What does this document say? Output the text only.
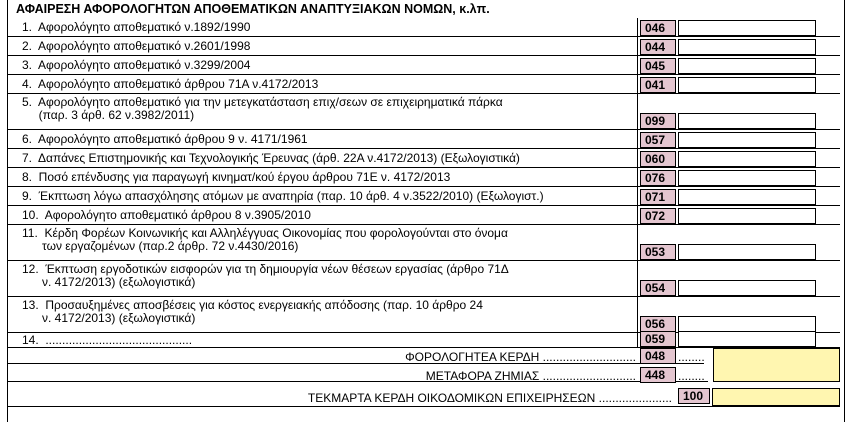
ΑΦΑΙΡΕΣΗ ΑΦΟΡΟΛΟΓΗΤΩΝ ΑΠΟΘΕΜΑΤΙΚΩΝ ΑΝΑΠΤΥΞΙΑΚΩΝ ΝΟΜΩΝ, κ.λπ.
1.  Αφορολόγητο αποθεματικό ν.1892/1990	046
2.  Αφορολόγητο αποθεματικό ν.2601/1998	044
3.  Αφορολόγητο αποθεματικό ν.3299/2004	045
4.  Αφορολόγητο αποθεματικό άρθρου 71Α ν.4172/2013	041
5.  Αφορολόγητο αποθεματικό για την μετεγκατάσταση επιχ/σεων σε επιχειρηματικά πάρκα
(παρ. 3 άρθ. 62 ν.3982/2011)	099
6.  Αφορολόγητο αποθεματικό άρθρου 9 ν. 4171/1961	057
7.  Δαπάνες Επιστημονικής και Τεχνολογικής Έρευνας (άρθ. 22Α ν.4172/2013) (Εξωλογιστικά)	060
8.  Ποσό επένδυσης για παραγωγή κινηματ/κού έργου άρθρου 71Ε ν. 4172/2013	076
9.  Έκπτωση λόγω απασχόλησης ατόμων με αναπηρία (παρ. 10 άρθ. 4 ν.3522/2010) (Εξωλογιστ.)	071
10.  Αφορολόγητο αποθεματικό άρθρου 8 ν.3905/2010	072
11.  Κέρδη Φορέων Κοινωνικής και Αλληλέγγυας Οικονομίας που φορολογούνται στο όνομα
των εργαζομένων (παρ.2 άρθρ. 72 ν.4430/2016)	053
12.  Έκπτωση εργοδοτικών εισφορών για τη δημιουργία νέων θέσεων εργασίας (άρθρο 71Δ
ν. 4172/2013) (εξωλογιστικά)	054
13.  Προσαυξημένες αποσβέσεις για κόστος ενεργειακής απόδοσης (παρ. 10 άρθρο 24
ν. 4172/2013) (εξωλογιστικά)	056
14.  ............................................	059
ΦΟΡΟΛΟΓΗΤΕΑ ΚΕΡΔΗ ............................ 048	........
ΜΕΤΑΦΟΡΑ ΖΗΜΙΑΣ ............................ 448	........
ΤΕΚΜΑΡΤΑ ΚΕΡΔΗ ΟΙΚΟΔΟΜΙΚΩΝ ΕΠΙΧΕΙΡΗΣΕΩΝ ...................... 100
